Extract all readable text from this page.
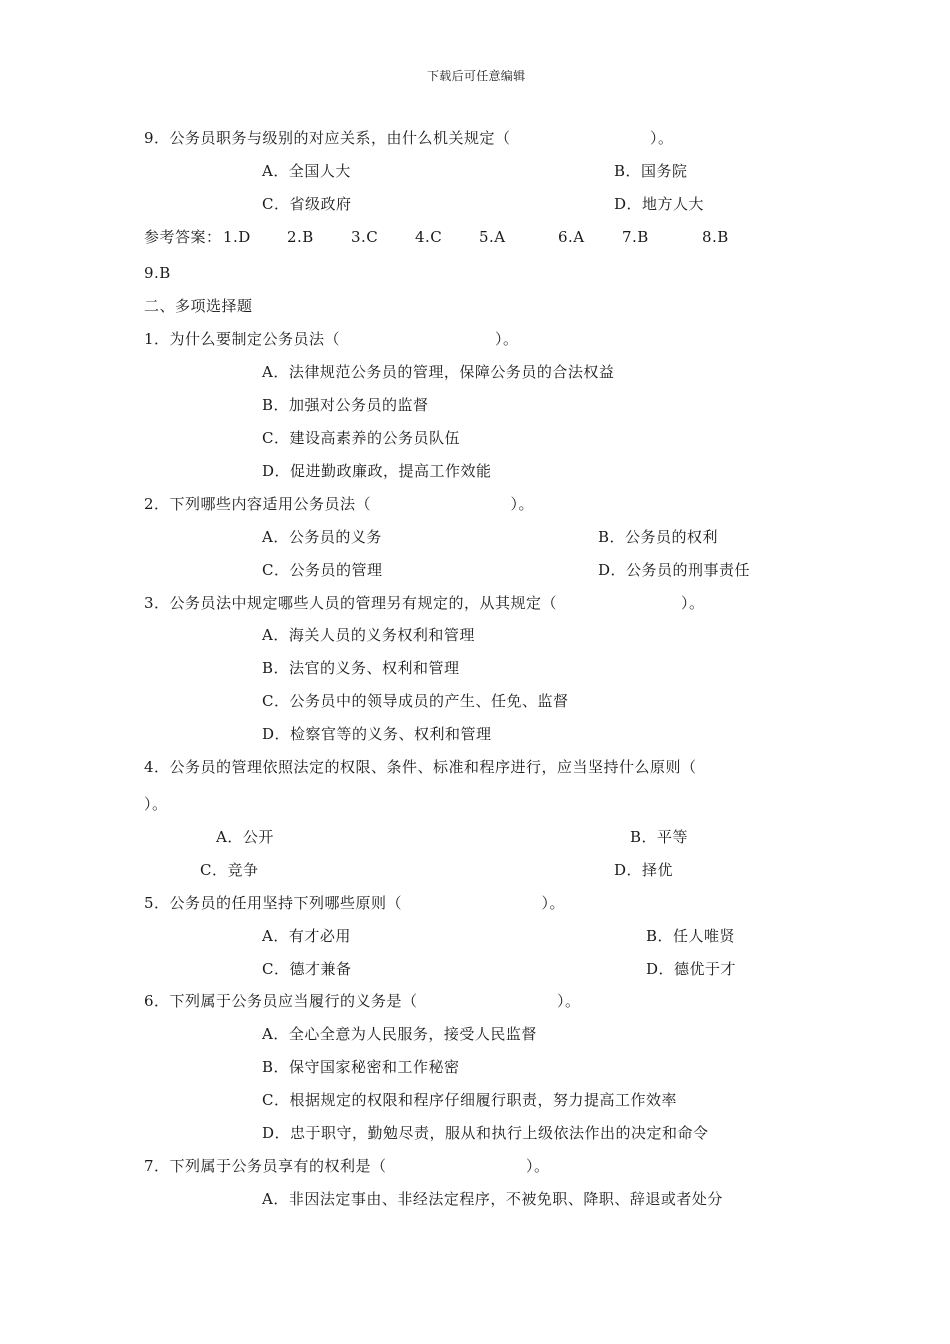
下载后可任意编辑
9．公务员职务与级别的对应关系，由什么机关规定（　　　　　　　　　）。
A．全国人大	B．国务院
C．省级政府	D．地方人大
参考答案： 1.D 2.B 3.C 4.C 5.A	6.A 7.B	8.B
9.B
二、多项选择题
1．为什么要制定公务员法（　　　　　　　　　　）。
A．法律规范公务员的管理，保障公务员的合法权益
B．加强对公务员的监督
C．建设高素养的公务员队伍
D．促进勤政廉政，提高工作效能
2．下列哪些内容适用公务员法（　　　　　　　　　）。
A．公务员的义务	B．公务员的权利
C．公务员的管理	D．公务员的刑事责任
3．公务员法中规定哪些人员的管理另有规定的，从其规定（　　　　　　　　）。
A．海关人员的义务权利和管理
B．法官的义务、权利和管理
C．公务员中的领导成员的产生、任免、监督
D．检察官等的义务、权利和管理
4．公务员的管理依照法定的权限、条件、标准和程序进行，应当坚持什么原则（
）。
A．公开	B．平等
C．竞争	D．择优
5．公务员的任用坚持下列哪些原则（　　　　　　　　　）。
A．有才必用	B．任人唯贤
C．德才兼备	D．德优于才
6．下列属于公务员应当履行的义务是（　　　　　　　　　）。
A．全心全意为人民服务，接受人民监督
B．保守国家秘密和工作秘密
C．根据规定的权限和程序仔细履行职责，努力提高工作效率
D．忠于职守，勤勉尽责，服从和执行上级依法作出的决定和命令
7．下列属于公务员享有的权利是（　　　　　　　　　）。
A．非因法定事由、非经法定程序，不被免职、降职、辞退或者处分
